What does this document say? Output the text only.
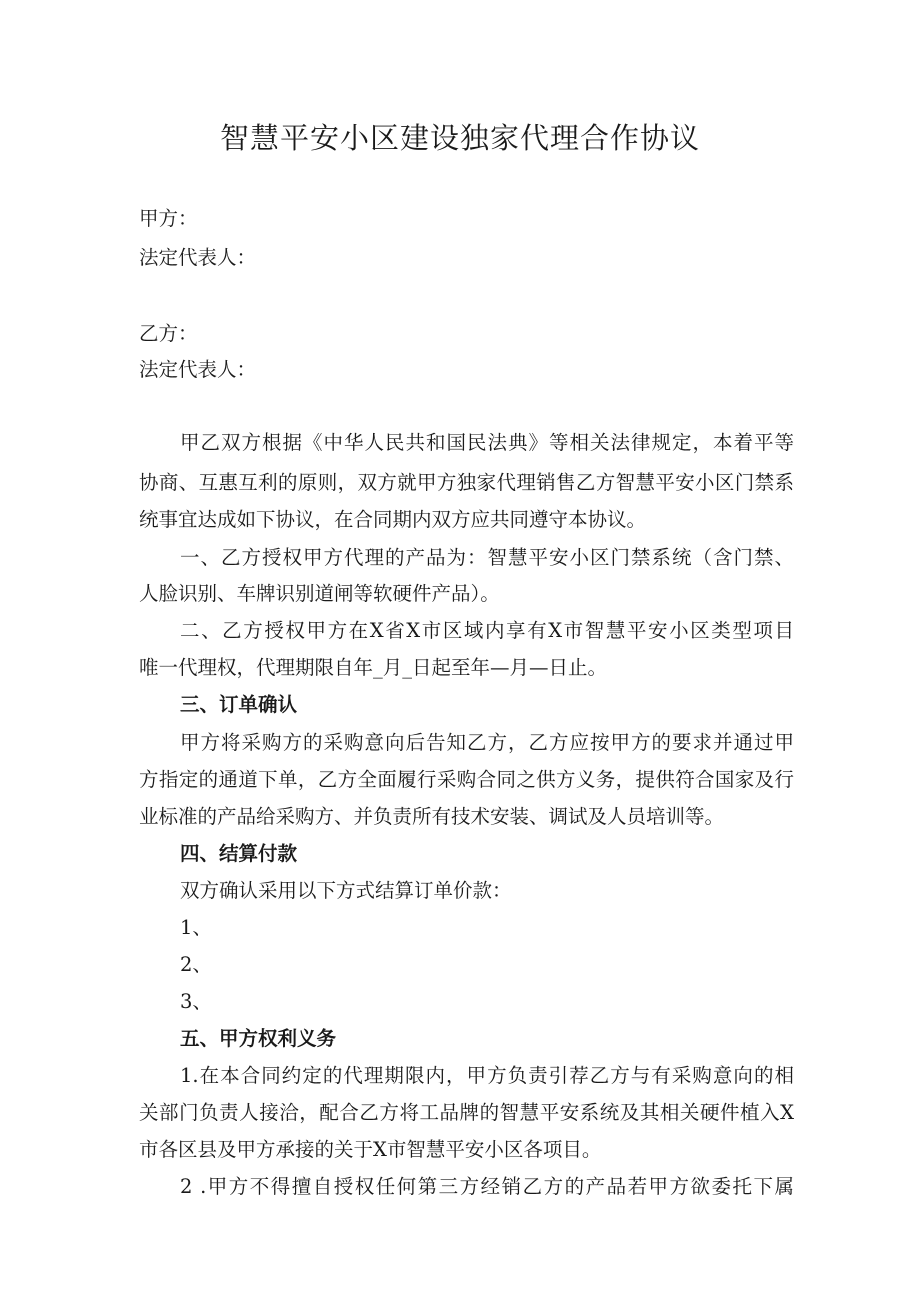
智慧平安小区建设独家代理合作协议
甲方：
法定代表人：
乙方：
法定代表人：
甲乙双方根据《中华人民共和国民法典》等相关法律规定，本着平等
协商、互惠互利的原则，双方就甲方独家代理销售乙方智慧平安小区门禁系
统事宜达成如下协议，在合同期内双方应共同遵守本协议。
一、乙方授权甲方代理的产品为：智慧平安小区门禁系统（含门禁、
人脸识别、车牌识别道闸等软硬件产品）。
二、乙方授权甲方在X省X市区域内享有X市智慧平安小区类型项目
唯一代理权，代理期限自年_月_日起至年—月—日止。
三、订单确认
甲方将采购方的采购意向后告知乙方，乙方应按甲方的要求并通过甲
方指定的通道下单，乙方全面履行采购合同之供方义务，提供符合国家及行
业标准的产品给采购方、并负责所有技术安装、调试及人员培训等。
四、结算付款
双方确认采用以下方式结算订单价款：
1、
2、
3、
五、甲方权利义务
1.在本合同约定的代理期限内，甲方负责引荐乙方与有采购意向的相
关部门负责人接洽，配合乙方将工品牌的智慧平安系统及其相关硬件植入X
市各区县及甲方承接的关于X市智慧平安小区各项目。
2 .甲方不得擅自授权任何第三方经销乙方的产品若甲方欲委托下属
